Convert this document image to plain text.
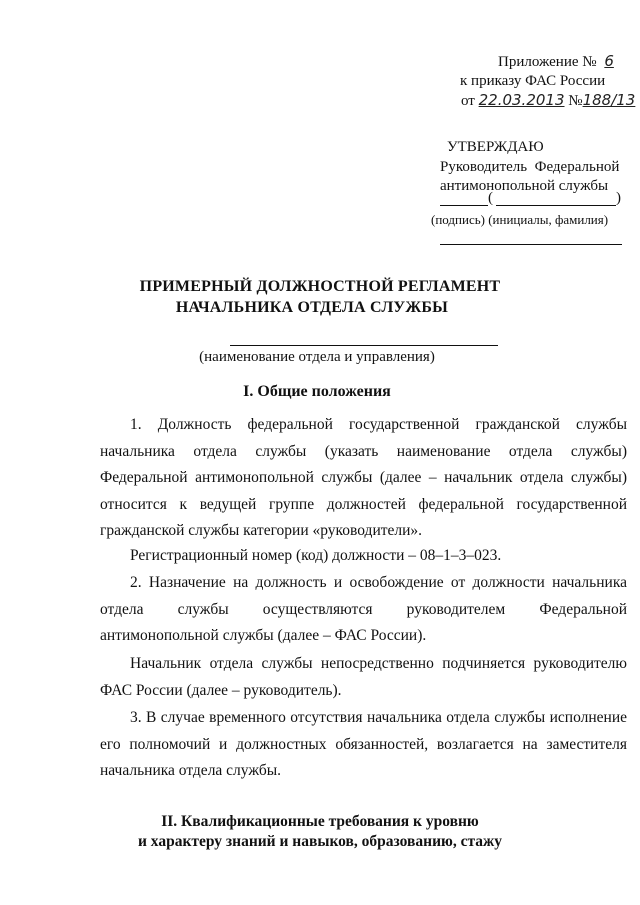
Приложение № 6
к приказу ФАС России
от 22.03.2013 №188/13
УТВЕРЖДАЮ
Руководитель  Федеральной
антимонопольной службы
(	)
(подпись) (инициалы, фамилия)
ПРИМЕРНЫЙ ДОЛЖНОСТНОЙ РЕГЛАМЕНТ
НАЧАЛЬНИКА ОТДЕЛА СЛУЖБЫ
(наименование отдела и управления)
I. Общие положения
1. Должность федеральной государственной гражданской службы начальника отдела службы (указать наименование отдела службы) Федеральной антимонопольной службы (далее – начальник отдела службы) относится к ведущей группе должностей федеральной государственной гражданской службы категории «руководители».
Регистрационный номер (код) должности – 08–1–3–023.
2. Назначение на должность и освобождение от должности начальника отдела службы осуществляются руководителем Федеральной антимонопольной службы (далее – ФАС России).
Начальник отдела службы непосредственно подчиняется руководителю ФАС России (далее – руководитель).
3. В случае временного отсутствия начальника отдела службы исполнение его полномочий и должностных обязанностей, возлагается на заместителя начальника отдела службы.
II. Квалификационные требования к уровню
и характеру знаний и навыков, образованию, стажу
